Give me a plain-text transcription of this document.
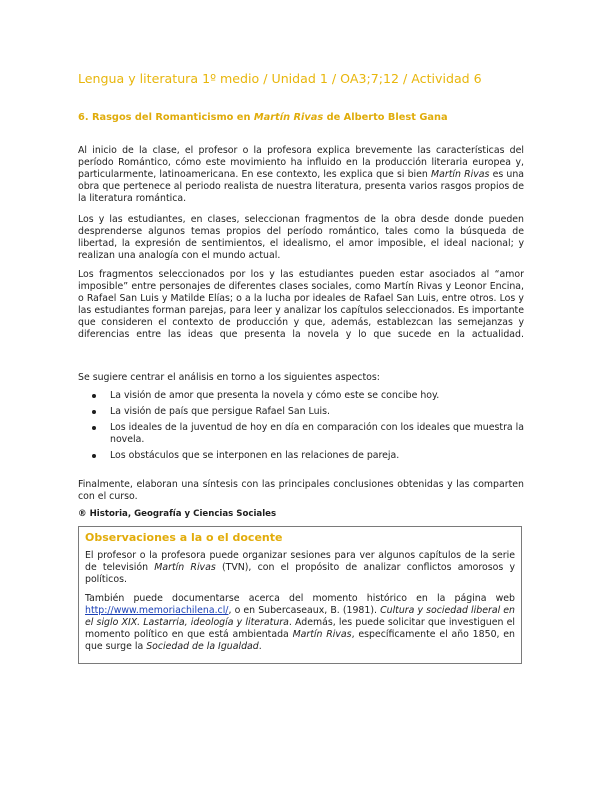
Lengua y literatura 1º medio / Unidad 1 / OA3;7;12 / Actividad 6
6. Rasgos del Romanticismo en Martín Rivas de Alberto Blest Gana

Al inicio de la clase, el profesor o la profesora explica brevemente las características del período Romántico, cómo este movimiento ha influido en la producción literaria europea y, particularmente, latinoamericana. En ese contexto, les explica que si bien Martín Rivas es una obra que pertenece al periodo realista de nuestra literatura, presenta varios rasgos propios de la literatura romántica.

Los y las estudiantes, en clases, seleccionan fragmentos de la obra desde donde pueden desprenderse algunos temas propios del período romántico, tales como la búsqueda de libertad, la expresión de sentimientos, el idealismo, el amor imposible, el ideal nacional; y realizan una analogía con el mundo actual.

Los fragmentos seleccionados por los y las estudiantes pueden estar asociados al “amor imposible” entre personajes de diferentes clases sociales, como Martín Rivas y Leonor Encina, o Rafael San Luis y Matilde Elías; o a la lucha por ideales de Rafael San Luis, entre otros. Los y las estudiantes forman parejas, para leer y analizar los capítulos seleccionados. Es importante que consideren el contexto de producción y que, además, establezcan las semejanzas y diferencias entre las ideas que presenta la novela y lo que sucede en la actualidad.

Se sugiere centrar el análisis en torno a los siguientes aspectos:

La visión de amor que presenta la novela y cómo este se concibe hoy.
La visión de país que persigue Rafael San Luis.
Los ideales de la juventud de hoy en día en comparación con los ideales que muestra la novela.
Los obstáculos que se interponen en las relaciones de pareja.

Finalmente, elaboran una síntesis con las principales conclusiones obtenidas y las comparten con el curso.

® Historia, Geografía y Ciencias Sociales
Observaciones a la o el docente

El profesor o la profesora puede organizar sesiones para ver algunos capítulos de la serie de televisión Martín Rivas (TVN), con el propósito de analizar conflictos amorosos y políticos.

También puede documentarse acerca del momento histórico en la página web http://www.memoriachilena.cl/, o en Subercaseaux, B. (1981). Cultura y sociedad liberal en el siglo XIX. Lastarria, ideología y literatura. Además, les puede solicitar que investiguen el momento político en que está ambientada Martín Rivas, específicamente el año 1850, en que surge la Sociedad de la Igualdad.
